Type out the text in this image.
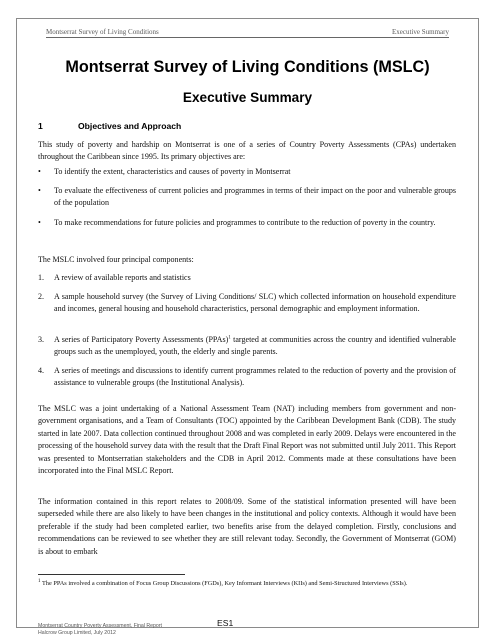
Montserrat Survey of Living Conditions	Executive Summary
Montserrat Survey of Living Conditions (MSLC)
Executive Summary
1	Objectives and Approach
This study of poverty and hardship on Montserrat is one of a series of Country Poverty Assessments (CPAs) undertaken throughout the Caribbean since 1995. Its primary objectives are:
•	To identify the extent, characteristics and causes of poverty in Montserrat
•	To evaluate the effectiveness of current policies and programmes in terms of their impact on the poor and vulnerable groups of the population
•	To make recommendations for future policies and programmes to contribute to the reduction of poverty in the country.
The MSLC involved four principal components:
1.	A review of available reports and statistics
2.	A sample household survey (the Survey of Living Conditions/ SLC) which collected information on household expenditure and incomes, general housing and household characteristics, personal demographic and employment information.
3.	A series of Participatory Poverty Assessments (PPAs)$^1$ targeted at communities across the country and identified vulnerable groups such as the unemployed, youth, the elderly and single parents.
4.	A series of meetings and discussions to identify current programmes related to the reduction of poverty and the provision of assistance to vulnerable groups (the Institutional Analysis).
The MSLC was a joint undertaking of a National Assessment Team (NAT) including members from government and non-government organisations, and a Team of Consultants (TOC) appointed by the Caribbean Development Bank (CDB). The study started in late 2007. Data collection continued throughout 2008 and was completed in early 2009. Delays were encountered in the processing of the household survey data with the result that the Draft Final Report was not submitted until July 2011. This Report was presented to Montserratian stakeholders and the CDB in April 2012. Comments made at these consultations have been incorporated into the Final MSLC Report.
The information contained in this report relates to 2008/09. Some of the statistical information presented will have been superseded while there are also likely to have been changes in the institutional and policy contexts. Although it would have been preferable if the study had been completed earlier, two benefits arise from the delayed completion. Firstly, conclusions and recommendations can be reviewed to see whether they are still relevant today. Secondly, the Government of Montserrat (GOM) is about to embark
$^1$ The PPAs involved a combination of Focus Group Discussions (FGDs), Key Informant Interviews (KIIs) and Semi-Structured Interviews (SSIs).
Montserrat Country Poverty Assessment, Final Report
Halcrow Group Limited, July 2012
ES1
